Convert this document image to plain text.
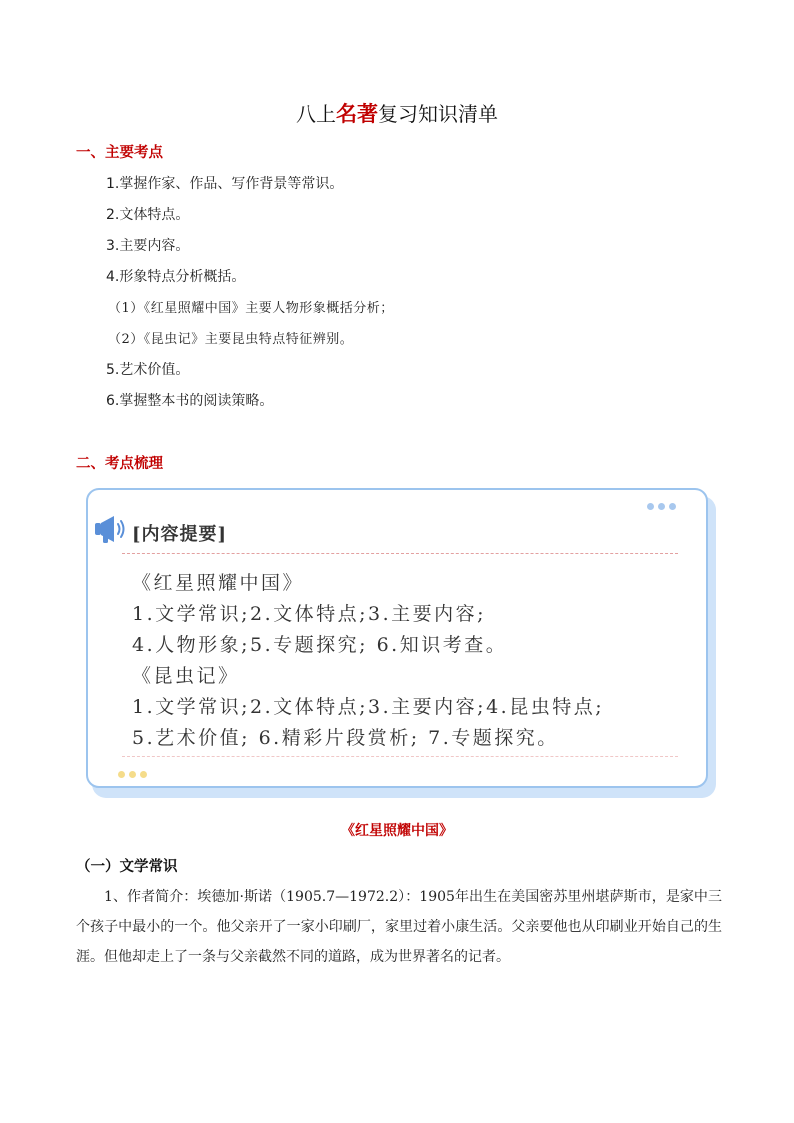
八上名著复习知识清单
一、主要考点
1.掌握作家、作品、写作背景等常识。
2.文体特点。
3.主要内容。
4.形象特点分析概括。
（1）《红星照耀中国》主要人物形象概括分析；
（2）《昆虫记》主要昆虫特点特征辨别。
5.艺术价值。
6.掌握整本书的阅读策略。
二、考点梳理
[内容提要]
《红星照耀中国》
1.文学常识;2.文体特点;3.主要内容;
4.人物形象;5.专题探究; 6.知识考查。
《昆虫记》
1.文学常识;2.文体特点;3.主要内容;4.昆虫特点;
5.艺术价值; 6.精彩片段赏析; 7.专题探究。
《红星照耀中国》
（一）文学常识
1、作者简介：埃德加·斯诺（1905.7—1972.2）：1905年出生在美国密苏里州堪萨斯市，是家中三个孩子中最小的一个。他父亲开了一家小印刷厂，家里过着小康生活。父亲要他也从印刷业开始自己的生涯。但他却走上了一条与父亲截然不同的道路，成为世界著名的记者。
